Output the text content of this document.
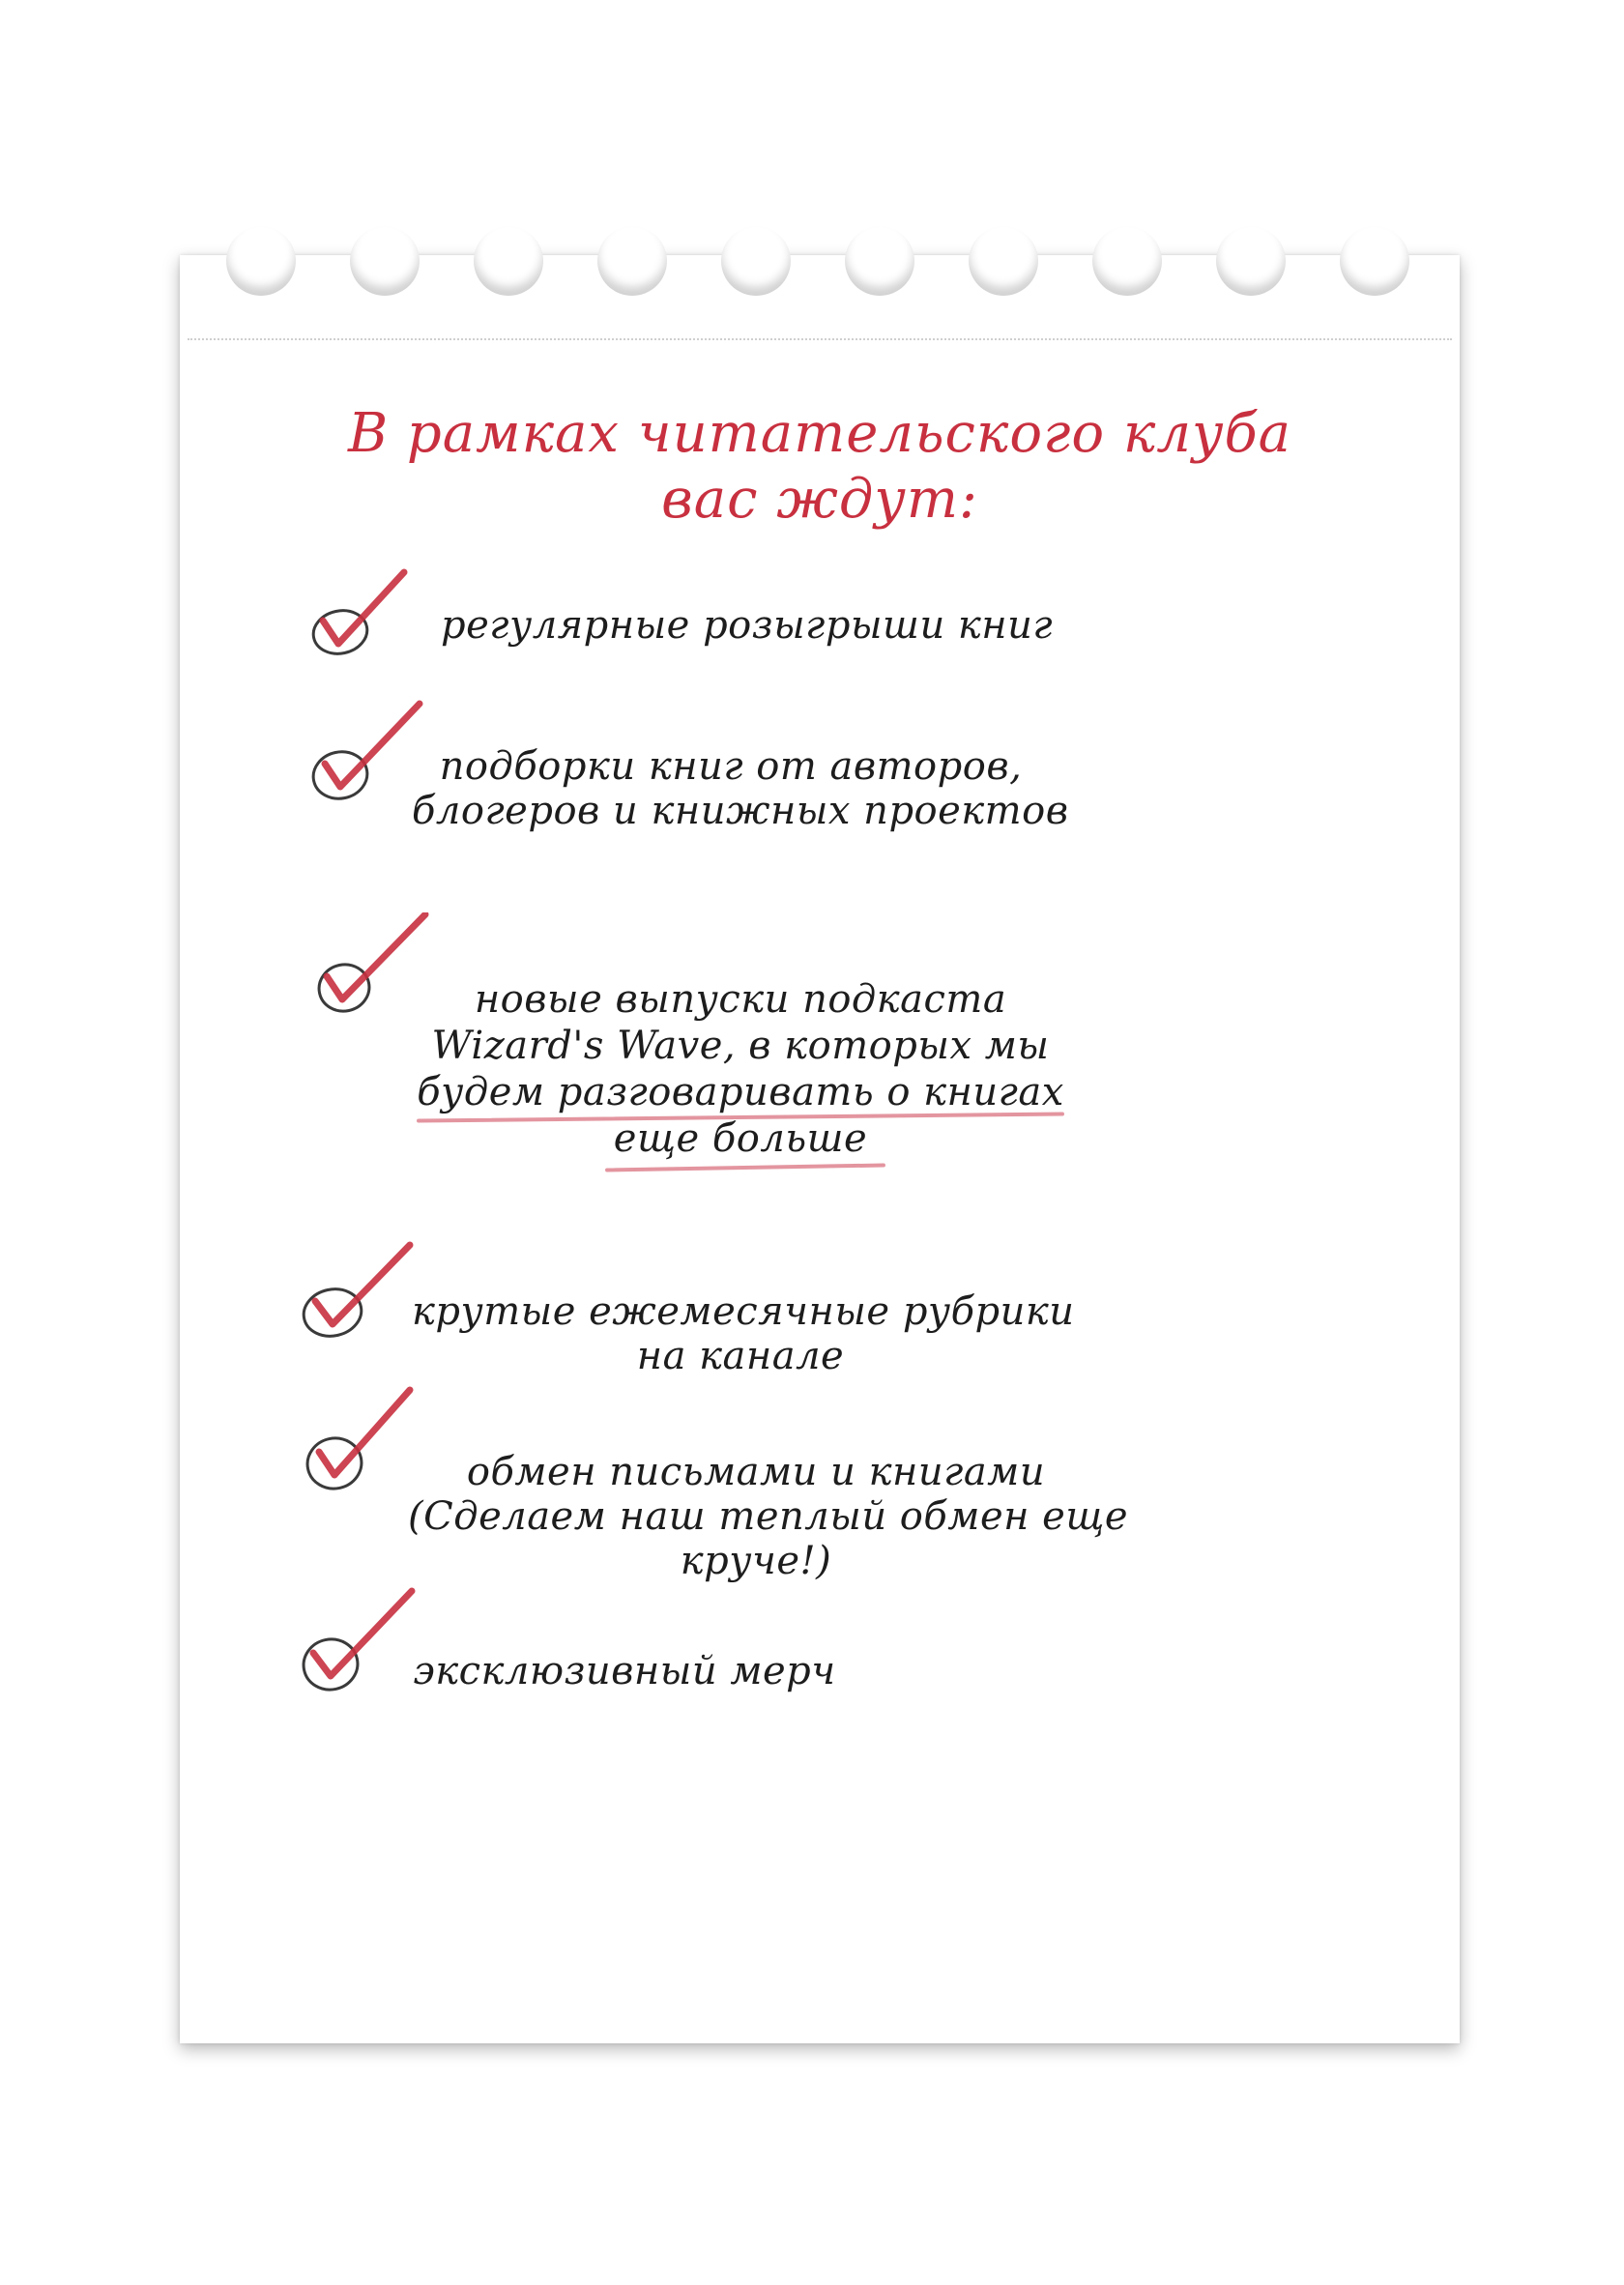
В рамках читательского клуба
вас ждут:
регулярные розыгрыши книг
подборки книг от авторов,
блогеров и книжных проектов
новые выпуски подкаста
Wizard's Wave, в которых мы
будем разговаривать о книгах
еще больше
крутые ежемесячные рубрики
на канале
обмен письмами и книгами
(Сделаем наш теплый обмен еще
круче!)
эксклюзивный мерч
